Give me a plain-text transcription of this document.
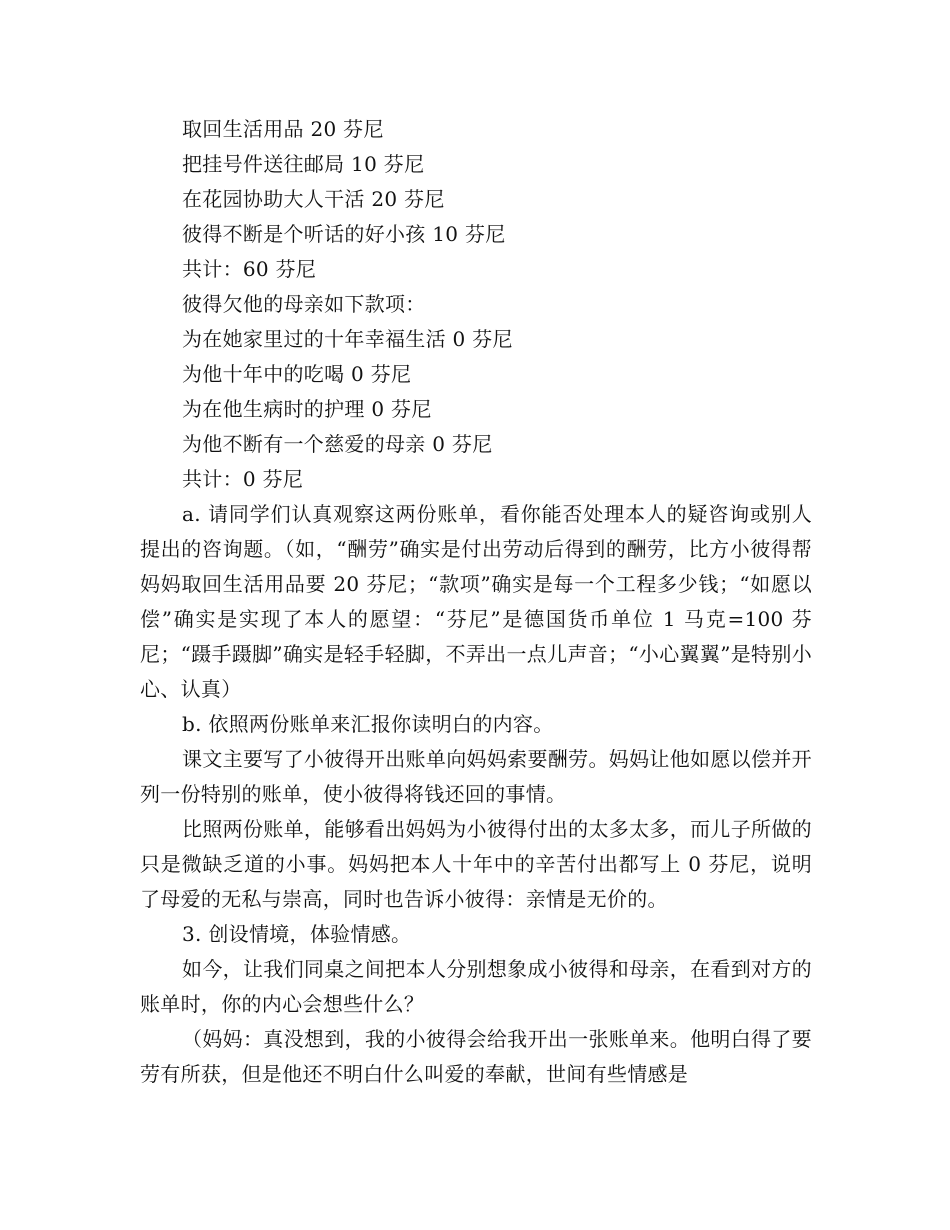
取回生活用品 20 芬尼
把挂号件送往邮局 10 芬尼
在花园协助大人干活 20 芬尼
彼得不断是个听话的好小孩 10 芬尼
共计：60 芬尼
彼得欠他的母亲如下款项：
为在她家里过的十年幸福生活 0 芬尼
为他十年中的吃喝 0 芬尼
为在他生病时的护理 0 芬尼
为他不断有一个慈爱的母亲 0 芬尼
共计：0 芬尼

a. 请同学们认真观察这两份账单，看你能否处理本人的疑咨询或别人提出的咨询题。（如，“酬劳”确实是付出劳动后得到的酬劳，比方小彼得帮妈妈取回生活用品要 20 芬尼；“款项”确实是每一个工程多少钱；“如愿以偿”确实是实现了本人的愿望：“芬尼”是德国货币单位 1 马克=100 芬尼；“蹑手蹑脚”确实是轻手轻脚，不弄出一点儿声音；“小心翼翼”是特别小心、认真）

b. 依照两份账单来汇报你读明白的内容。

课文主要写了小彼得开出账单向妈妈索要酬劳。妈妈让他如愿以偿并开列一份特别的账单，使小彼得将钱还回的事情。

比照两份账单，能够看出妈妈为小彼得付出的太多太多，而儿子所做的只是微缺乏道的小事。妈妈把本人十年中的辛苦付出都写上 0 芬尼，说明了母爱的无私与崇高，同时也告诉小彼得：亲情是无价的。

3. 创设情境，体验情感。

如今，让我们同桌之间把本人分别想象成小彼得和母亲，在看到对方的账单时，你的内心会想些什么？

（妈妈：真没想到，我的小彼得会给我开出一张账单来。他明白得了要劳有所获，但是他还不明白什么叫爱的奉献，世间有些情感是
